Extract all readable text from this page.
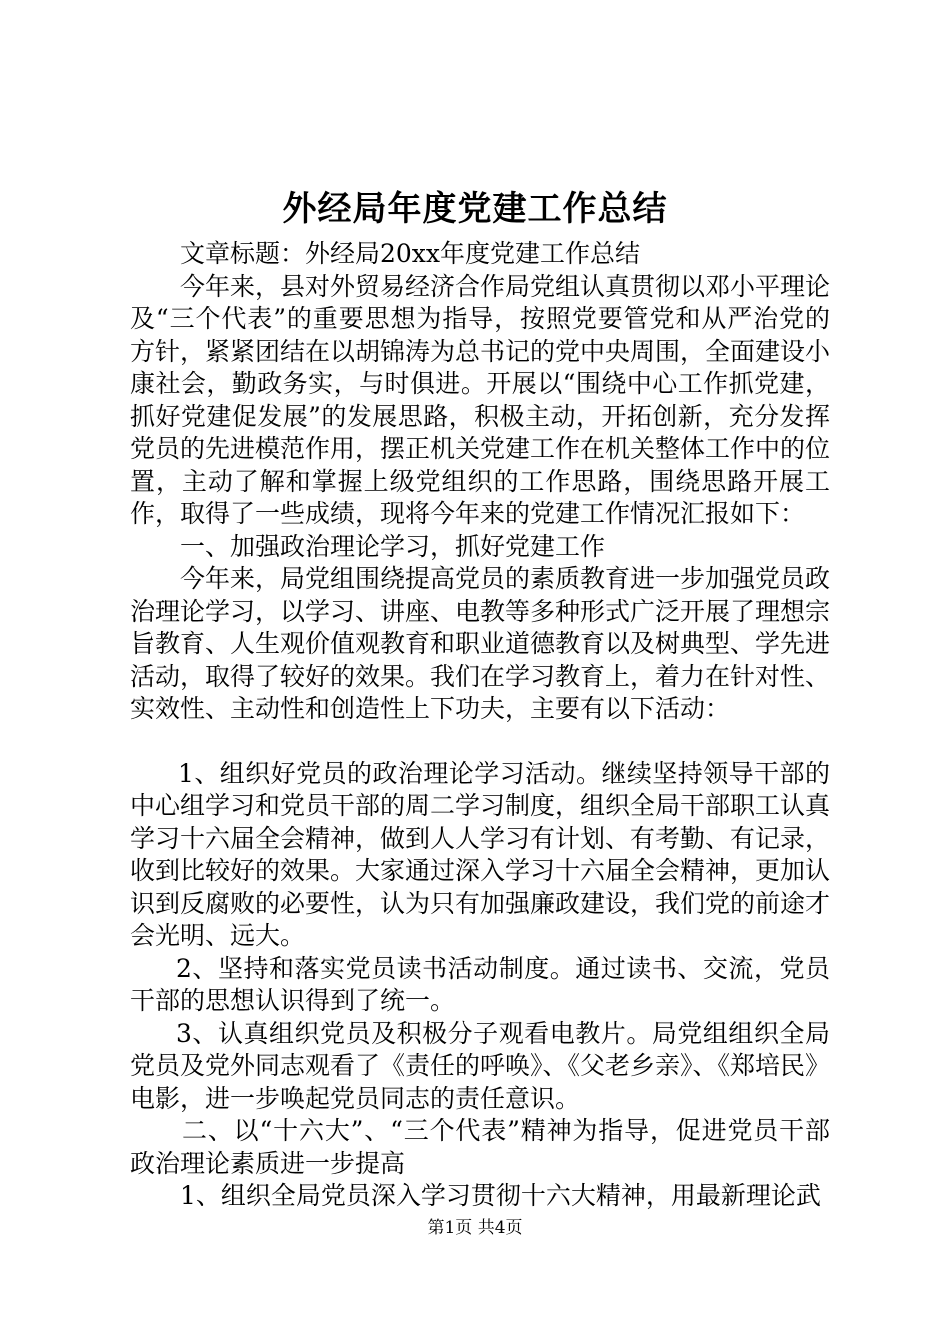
外经局年度党建工作总结

文章标题：外经局20xx年度党建工作总结

今年来，县对外贸易经济合作局党组认真贯彻以邓小平理论及“三个代表”的重要思想为指导，按照党要管党和从严治党的方针，紧紧团结在以胡锦涛为总书记的党中央周围，全面建设小康社会，勤政务实，与时俱进。开展以“围绕中心工作抓党建，抓好党建促发展”的发展思路，积极主动，开拓创新，充分发挥党员的先进模范作用，摆正机关党建工作在机关整体工作中的位置，主动了解和掌握上级党组织的工作思路，围绕思路开展工作，取得了一些成绩，现将今年来的党建工作情况汇报如下：

一、加强政治理论学习，抓好党建工作

今年来，局党组围绕提高党员的素质教育进一步加强党员政治理论学习，以学习、讲座、电教等多种形式广泛开展了理想宗旨教育、人生观价值观教育和职业道德教育以及树典型、学先进活动，取得了较好的效果。我们在学习教育上，着力在针对性、实效性、主动性和创造性上下功夫，主要有以下活动：

1、组织好党员的政治理论学习活动。继续坚持领导干部的中心组学习和党员干部的周二学习制度，组织全局干部职工认真学习十六届全会精神，做到人人学习有计划、有考勤、有记录，收到比较好的效果。大家通过深入学习十六届全会精神，更加认识到反腐败的必要性，认为只有加强廉政建设，我们党的前途才会光明、远大。

2、坚持和落实党员读书活动制度。通过读书、交流，党员干部的思想认识得到了统一。

3、认真组织党员及积极分子观看电教片。局党组组织全局党员及党外同志观看了《责任的呼唤》、《父老乡亲》、《郑培民》电影，进一步唤起党员同志的责任意识。

二、以“十六大”、“三个代表”精神为指导，促进党员干部政治理论素质进一步提高

1、组织全局党员深入学习贯彻十六大精神，用最新理论武

第1页 共4页
